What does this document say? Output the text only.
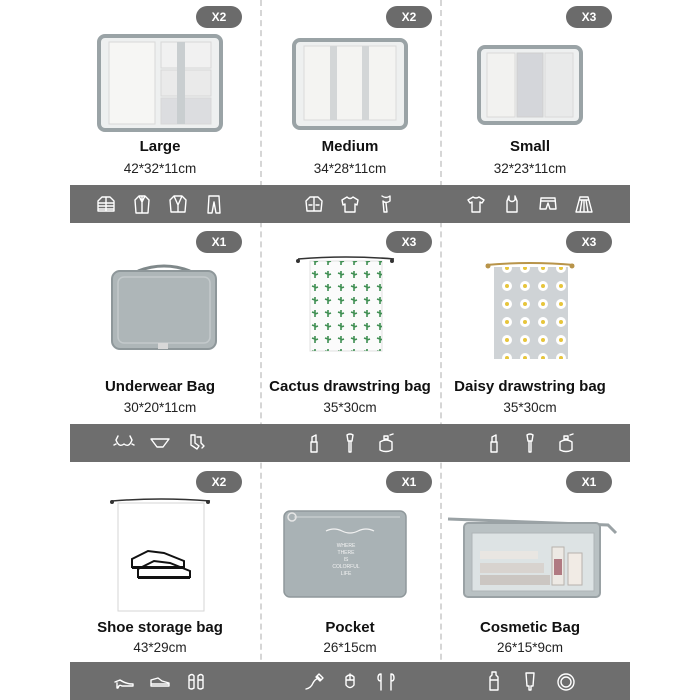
X2
Large
42*32*11cm
X2
Medium
34*28*11cm
X3
Small
32*23*11cm
X1
Underwear Bag
30*20*11cm
X3
Cactus drawstring bag
35*30cm
X3
Daisy drawstring bag
35*30cm
X2
Shoe storage bag
43*29cm
X1
WHERE
THERE
IS
COLORFUL
LIFE
Pocket
26*15cm
X1
Cosmetic Bag
26*15*9cm
